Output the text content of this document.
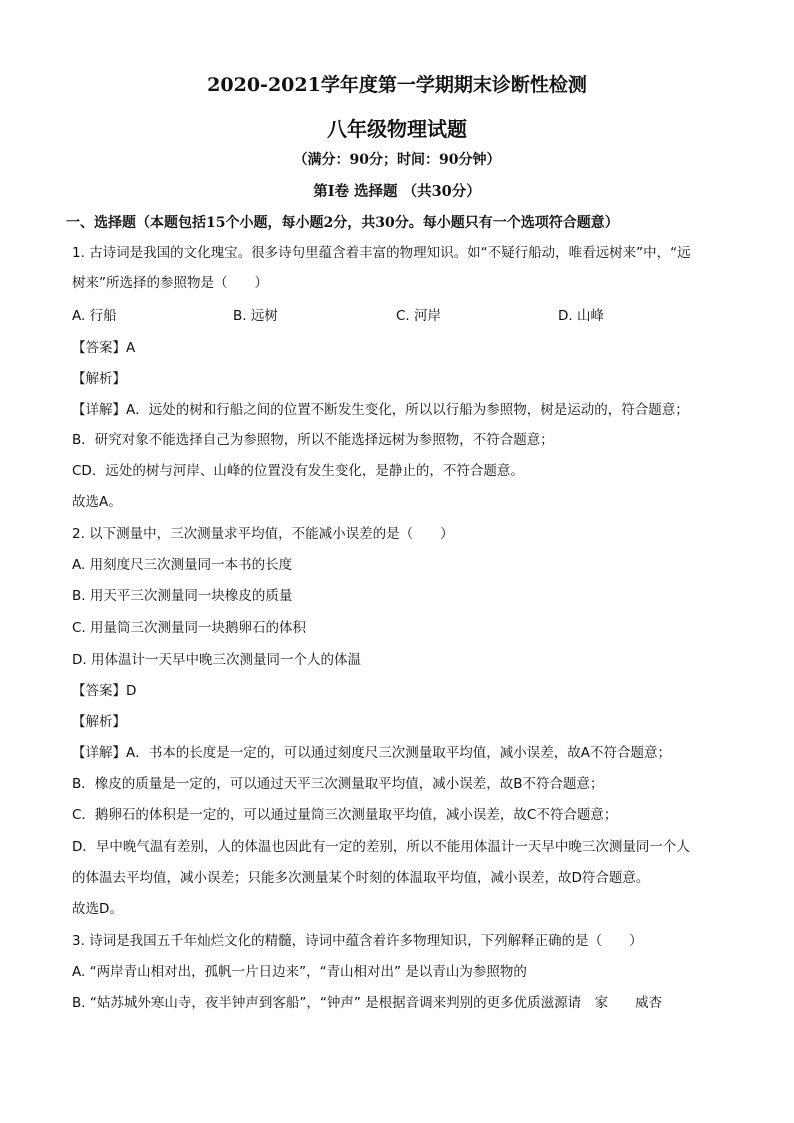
2020-2021学年度第一学期期末诊断性检测
八年级物理试题
（满分：90分；时间：90分钟）
第Ⅰ卷 选择题 （共30分）
一、选择题（本题包括15个小题，每小题2分，共30分。每小题只有一个选项符合题意）
1. 古诗词是我国的文化瑰宝。很多诗句里蕴含着丰富的物理知识。如“不疑行船动，唯看远树来”中，“远
树来”所选择的参照物是（　　）
A. 行船	B. 远树	C. 河岸	D. 山峰
【答案】A
【解析】
【详解】A．远处的树和行船之间的位置不断发生变化，所以以行船为参照物，树是运动的，符合题意；
B．研究对象不能选择自己为参照物，所以不能选择远树为参照物，不符合题意；
CD．远处的树与河岸、山峰的位置没有发生变化，是静止的，不符合题意。
故选A。
2. 以下测量中，三次测量求平均值，不能减小误差的是（　　）
A. 用刻度尺三次测量同一本书的长度
B. 用天平三次测量同一块橡皮的质量
C. 用量筒三次测量同一块鹅卵石的体积
D. 用体温计一天早中晚三次测量同一个人的体温
【答案】D
【解析】
【详解】A．书本的长度是一定的，可以通过刻度尺三次测量取平均值，减小误差，故A不符合题意；
B．橡皮的质量是一定的，可以通过天平三次测量取平均值，减小误差，故B不符合题意；
C．鹅卵石的体积是一定的，可以通过量筒三次测量取平均值，减小误差，故C不符合题意；
D．早中晚气温有差别，人的体温也因此有一定的差别，所以不能用体温计一天早中晚三次测量同一个人
的体温去平均值，减小误差；只能多次测量某个时刻的体温取平均值，减小误差，故D符合题意。
故选D。
3. 诗词是我国五千年灿烂文化的精髓，诗词中蕴含着许多物理知识，下列解释正确的是（　　）
A. “两岸青山相对出，孤帆一片日边来”，“青山相对出” 是以青山为参照物的
B. “姑苏城外寒山寺，夜半钟声到客船”，“钟声” 是根据音调来判别的更多优质滋源请　家　　威杏
